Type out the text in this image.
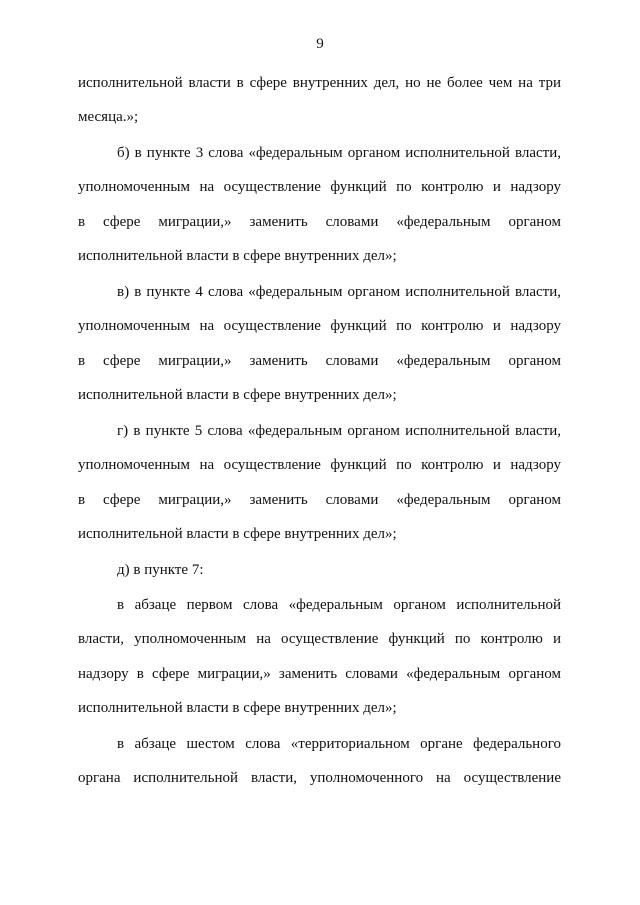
9
исполнительной власти в сфере внутренних дел, но не более чем на три
месяца.»;
б) в пункте 3 слова «федеральным органом исполнительной власти,
уполномоченным на осуществление функций по контролю и надзору
в сфере миграции,» заменить словами «федеральным органом
исполнительной власти в сфере внутренних дел»;
в) в пункте 4 слова «федеральным органом исполнительной власти,
уполномоченным на осуществление функций по контролю и надзору
в сфере миграции,» заменить словами «федеральным органом
исполнительной власти в сфере внутренних дел»;
г) в пункте 5 слова «федеральным органом исполнительной власти,
уполномоченным на осуществление функций по контролю и надзору
в сфере миграции,» заменить словами «федеральным органом
исполнительной власти в сфере внутренних дел»;
д) в пункте 7:
в абзаце первом слова «федеральным органом исполнительной
власти, уполномоченным на осуществление функций по контролю и
надзору в сфере миграции,» заменить словами «федеральным органом
исполнительной власти в сфере внутренних дел»;
в абзаце шестом слова «территориальном органе федерального
органа исполнительной власти, уполномоченного на осуществление
